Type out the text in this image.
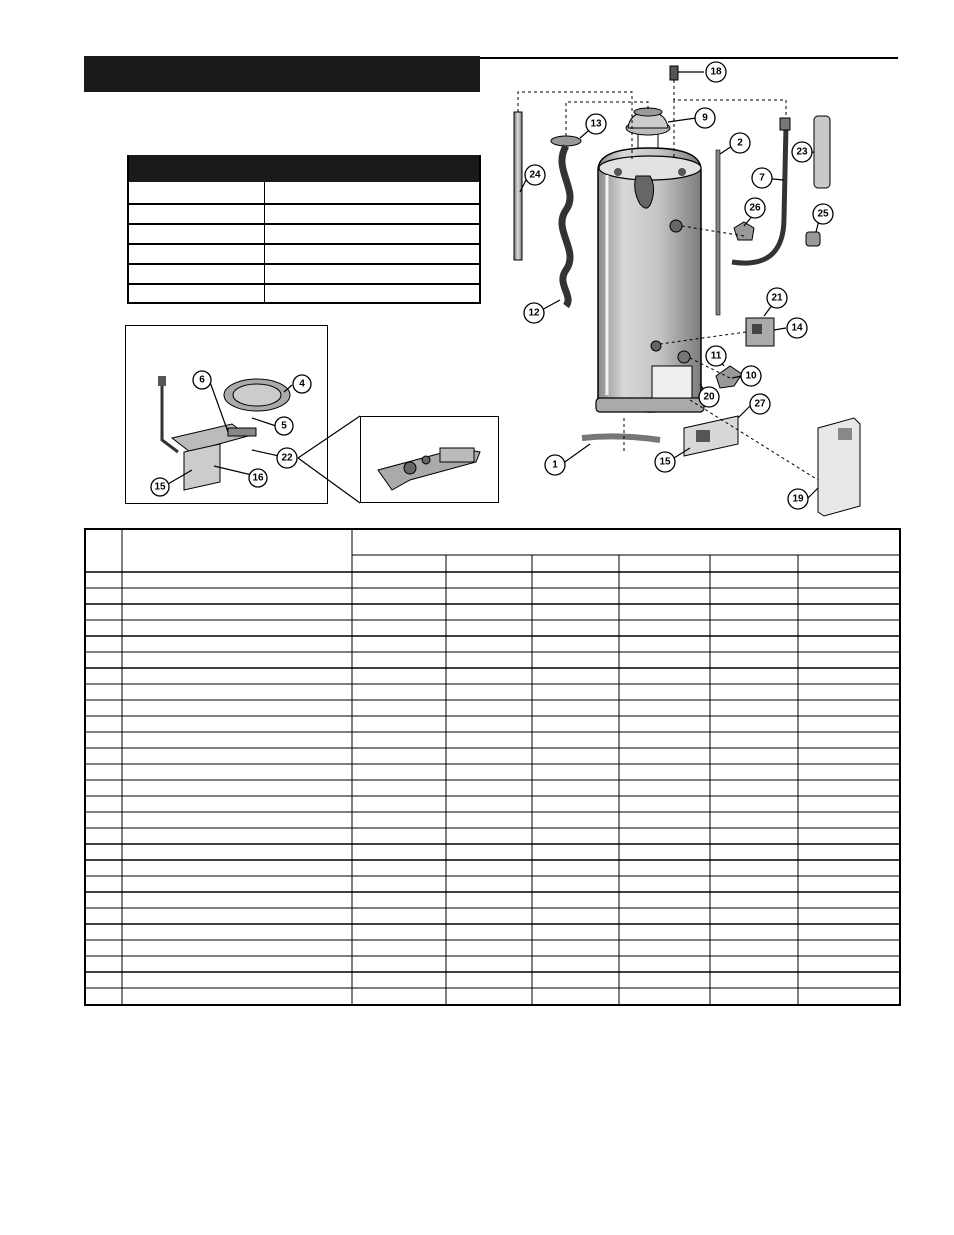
18
13
9
2
7
23
24
26
25
12
21
14
11
10
20
27
1	15
19
6	4
5
22
16
15
